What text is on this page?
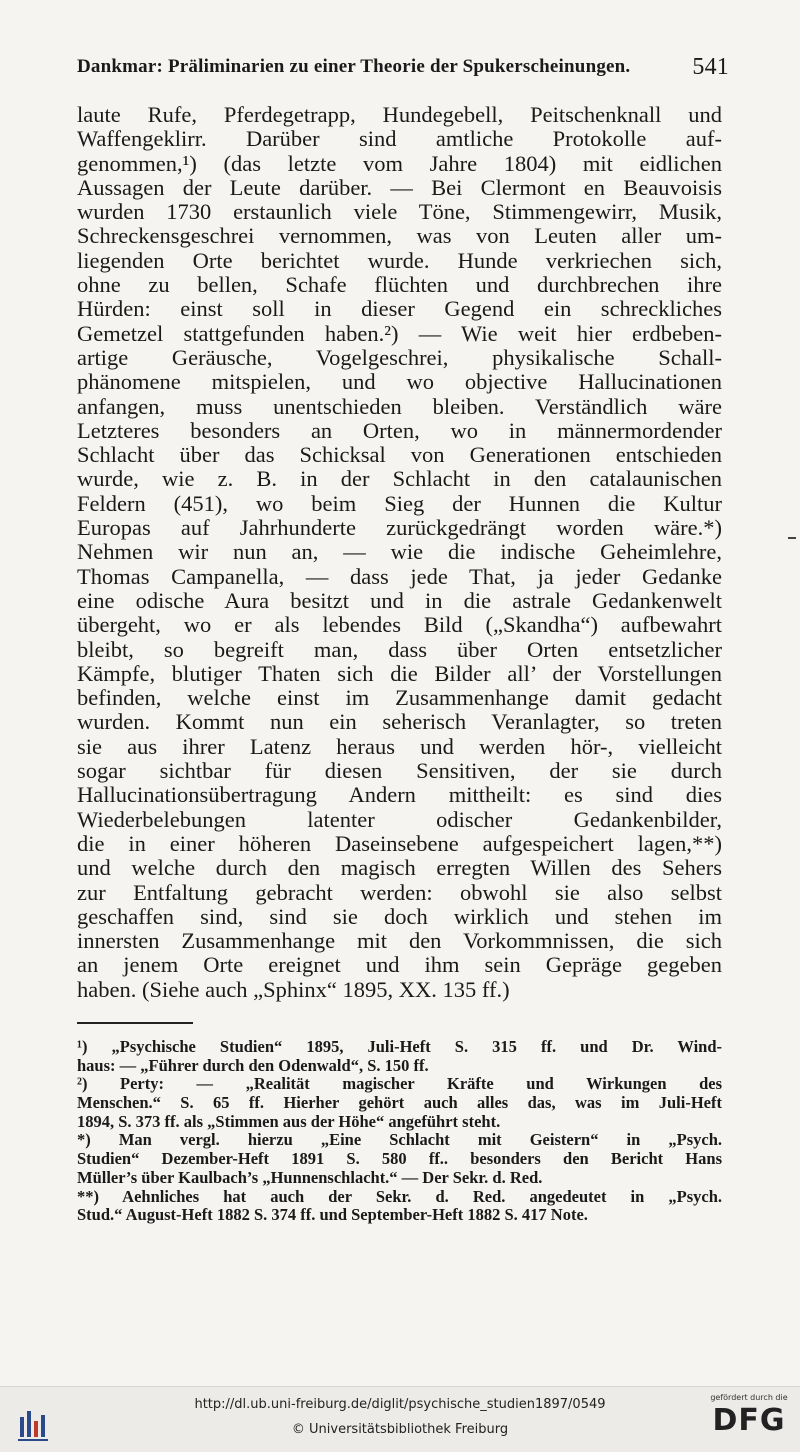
Dankmar: Präliminarien zu einer Theorie der Spukerscheinungen.	541
laute Rufe, Pferdegetrapp, Hundegebell, Peitschenknall und
Waffengeklirr. Darüber sind amtliche Protokolle auf-
genommen,¹) (das letzte vom Jahre 1804) mit eidlichen
Aussagen der Leute darüber. — Bei Clermont en Beauvoisis
wurden 1730 erstaunlich viele Töne, Stimmengewirr, Musik,
Schreckensgeschrei vernommen, was von Leuten aller um-
liegenden Orte berichtet wurde. Hunde verkriechen sich,
ohne zu bellen, Schafe flüchten und durchbrechen ihre
Hürden: einst soll in dieser Gegend ein schreckliches
Gemetzel stattgefunden haben.²) — Wie weit hier erdbeben-
artige Geräusche, Vogelgeschrei, physikalische Schall-
phänomene mitspielen, und wo objective Hallucinationen
anfangen, muss unentschieden bleiben. Verständlich wäre
Letzteres besonders an Orten, wo in männermordender
Schlacht über das Schicksal von Generationen entschieden
wurde, wie z. B. in der Schlacht in den catalaunischen
Feldern (451), wo beim Sieg der Hunnen die Kultur
Europas auf Jahrhunderte zurückgedrängt worden wäre.*)
Nehmen wir nun an, — wie die indische Geheimlehre,
Thomas Campanella, — dass jede That, ja jeder Gedanke
eine odische Aura besitzt und in die astrale Gedankenwelt
übergeht, wo er als lebendes Bild („Skandha“) aufbewahrt
bleibt, so begreift man, dass über Orten entsetzlicher
Kämpfe, blutiger Thaten sich die Bilder all’ der Vorstellungen
befinden, welche einst im Zusammenhange damit gedacht
wurden. Kommt nun ein seherisch Veranlagter, so treten
sie aus ihrer Latenz heraus und werden hör-, vielleicht
sogar sichtbar für diesen Sensitiven, der sie durch
Hallucinationsübertragung Andern mittheilt: es sind dies
Wiederbelebungen latenter odischer Gedankenbilder,
die in einer höheren Daseinsebene aufgespeichert lagen,**)
und welche durch den magisch erregten Willen des Sehers
zur Entfaltung gebracht werden: obwohl sie also selbst
geschaffen sind, sind sie doch wirklich und stehen im
innersten Zusammenhange mit den Vorkommnissen, die sich
an jenem Orte ereignet und ihm sein Gepräge gegeben
haben. (Siehe auch „Sphinx“ 1895, XX. 135 ff.)
¹) „Psychische Studien“ 1895, Juli-Heft S. 315 ff. und Dr. Wind-
haus: — „Führer durch den Odenwald“, S. 150 ff.
²) Perty: — „Realität magischer Kräfte und Wirkungen des
Menschen.“ S. 65 ff. Hierher gehört auch alles das, was im Juli-Heft
1894, S. 373 ff. als „Stimmen aus der Höhe“ angeführt steht.
*) Man vergl. hierzu „Eine Schlacht mit Geistern“ in „Psych.
Studien“ Dezember-Heft 1891 S. 580 ff.. besonders den Bericht Hans
Müller’s über Kaulbach’s „Hunnenschlacht.“ — Der Sekr. d. Red.
**) Aehnliches hat auch der Sekr. d. Red. angedeutet in „Psych.
Stud.“ August-Heft 1882 S. 374 ff. und September-Heft 1882 S. 417 Note.
http://dl.ub.uni-freiburg.de/diglit/psychische_studien1897/0549
© Universitätsbibliothek Freiburg
gefördert durch die
DFG
